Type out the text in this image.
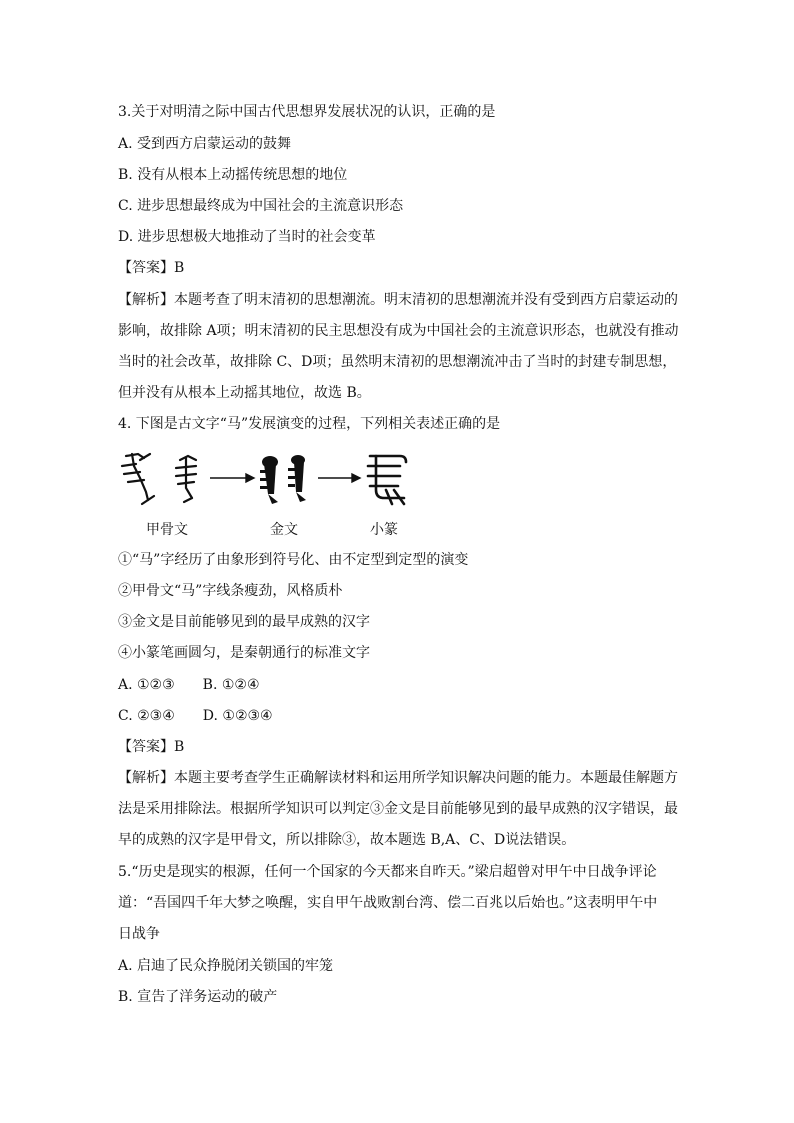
3.关于对明清之际中国古代思想界发展状况的认识，正确的是
A. 受到西方启蒙运动的鼓舞
B. 没有从根本上动摇传统思想的地位
C. 进步思想最终成为中国社会的主流意识形态
D. 进步思想极大地推动了当时的社会变革
【答案】B
【解析】本题考查了明末清初的思想潮流。明末清初的思想潮流并没有受到西方启蒙运动的
影响，故排除 A项；明末清初的民主思想没有成为中国社会的主流意识形态，也就没有推动
当时的社会改革，故排除 C、D项；虽然明末清初的思想潮流冲击了当时的封建专制思想，
但并没有从根本上动摇其地位，故选 B。
4. 下图是古文字“马”发展演变的过程，下列相关表述正确的是
甲骨文	金文	小篆
①“马”字经历了由象形到符号化、由不定型到定型的演变
②甲骨文“马”字线条瘦劲，风格质朴
③金文是目前能够见到的最早成熟的汉字
④小篆笔画圆匀，是秦朝通行的标准文字
A. ①②③　　B. ①②④
C. ②③④　　D. ①②③④
【答案】B
【解析】本题主要考查学生正确解读材料和运用所学知识解决问题的能力。本题最佳解题方
法是采用排除法。根据所学知识可以判定③金文是目前能够见到的最早成熟的汉字错误，最
早的成熟的汉字是甲骨文，所以排除③，故本题选 B,A、C、D说法错误。
5.“历史是现实的根源，任何一个国家的今天都来自昨天。”梁启超曾对甲午中日战争评论
道：“吾国四千年大梦之唤醒，实自甲午战败割台湾、偿二百兆以后始也。”这表明甲午中
日战争
A. 启迪了民众挣脱闭关锁国的牢笼
B. 宣告了洋务运动的破产
